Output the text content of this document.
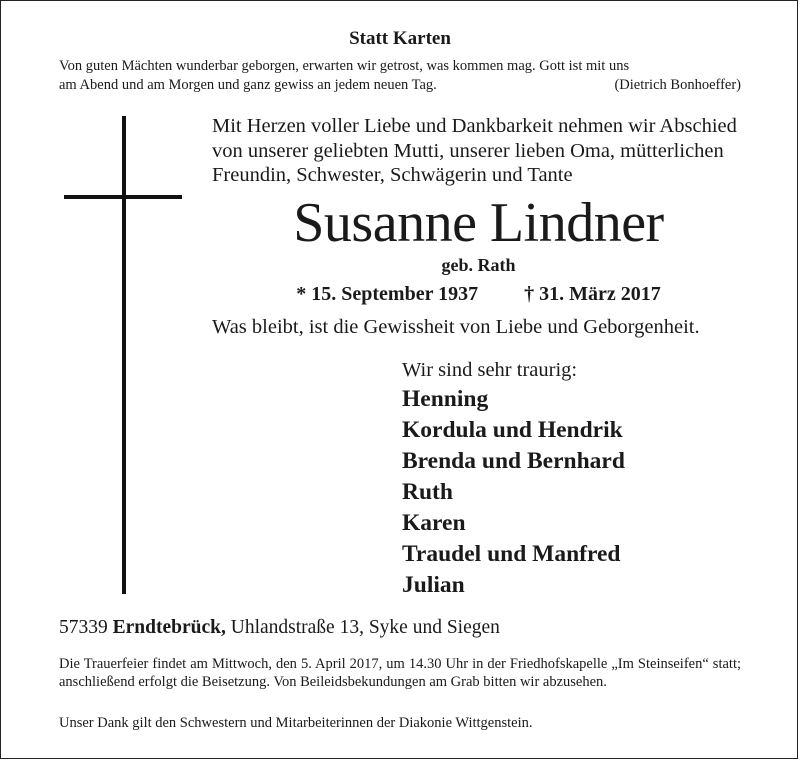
Statt Karten
Von guten Mächten wunderbar geborgen, erwarten wir getrost, was kommen mag. Gott ist mit uns
am Abend und am Morgen und ganz gewiss an jedem neuen Tag.	(Dietrich Bonhoeffer)
Mit Herzen voller Liebe und Dankbarkeit nehmen wir Abschied
von unserer geliebten Mutti, unserer lieben Oma, mütterlichen
Freundin, Schwester, Schwägerin und Tante
Susanne Lindner
geb. Rath
* 15. September 1937 † 31. März 2017
Was bleibt, ist die Gewissheit von Liebe und Geborgenheit.
Wir sind sehr traurig:
Henning
Kordula und Hendrik
Brenda und Bernhard
Ruth
Karen
Traudel und Manfred
Julian
57339 Erndtebrück, Uhlandstraße 13, Syke und Siegen
Die Trauerfeier findet am Mittwoch, den 5. April 2017, um 14.30 Uhr in der Friedhofskapelle „Im Steinseifen“ statt; anschließend erfolgt die Beisetzung. Von Beileidsbekundungen am Grab bitten wir abzusehen.
Unser Dank gilt den Schwestern und Mitarbeiterinnen der Diakonie Wittgenstein.
